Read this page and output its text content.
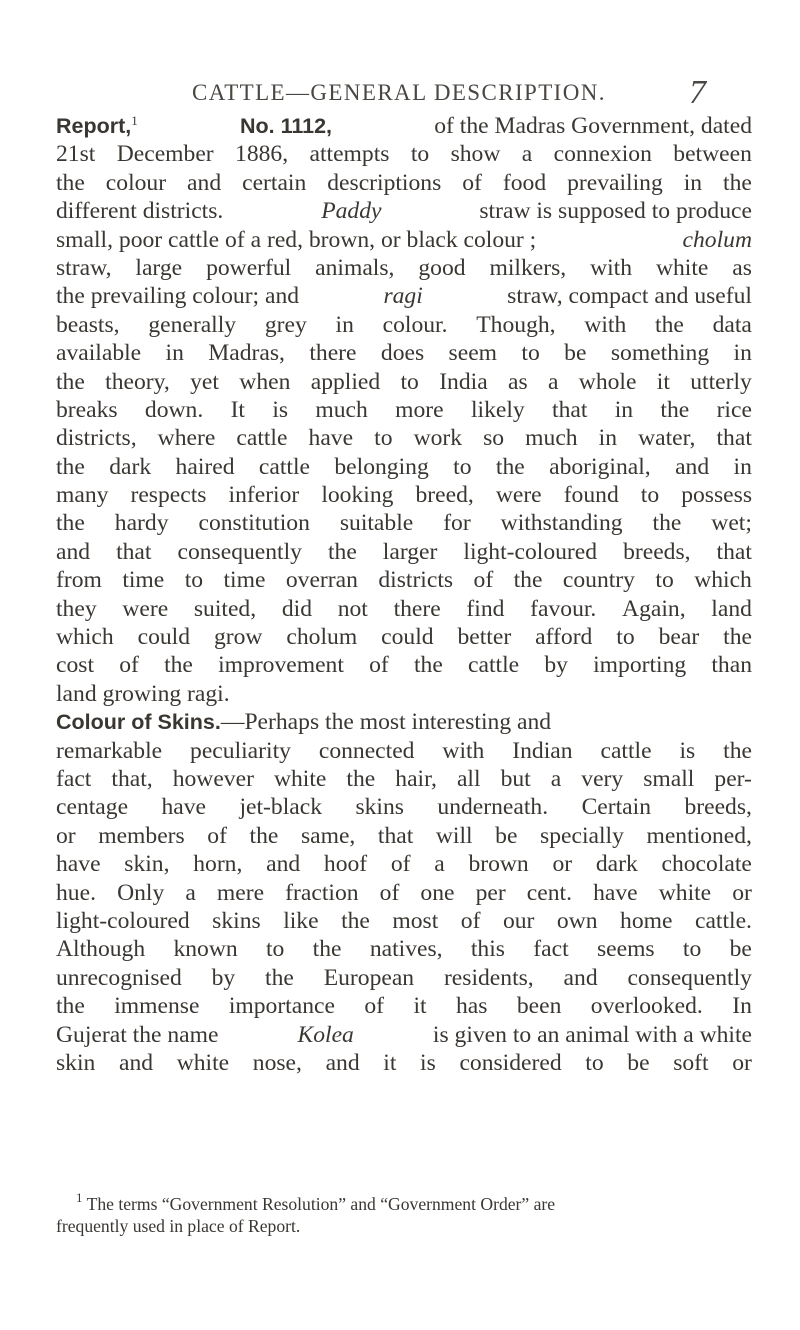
CATTLE—GENERAL DESCRIPTION. 7
Report,$^1$	No. 1112,	of the Madras Government, dated
21st December 1886, attempts to show a connexion between
the colour and certain descriptions of food prevailing in the
different districts.	Paddy	straw is supposed to produce
small, poor cattle of a red, brown, or black colour ;	cholum
straw, large powerful animals, good milkers, with white as
the prevailing colour; and	ragi	straw, compact and useful
beasts, generally grey in colour. Though, with the data
available in Madras, there does seem to be something in
the theory, yet when applied to India as a whole it utterly
breaks down. It is much more likely that in the rice
districts, where cattle have to work so much in water, that
the dark haired cattle belonging to the aboriginal, and in
many respects inferior looking breed, were found to possess
the hardy constitution suitable for withstanding the wet;
and that consequently the larger light-coloured breeds, that
from time to time overran districts of the country to which
they were suited, did not there find favour. Again, land
which could grow cholum could better afford to bear the
cost of the improvement of the cattle by importing than
land growing ragi.
Colour of Skins.—Perhaps the most interesting and
remarkable peculiarity connected with Indian cattle is the
fact that, however white the hair, all but a very small per-
centage have jet-black skins underneath. Certain breeds,
or members of the same, that will be specially mentioned,
have skin, horn, and hoof of a brown or dark chocolate
hue. Only a mere fraction of one per cent. have white or
light-coloured skins like the most of our own home cattle.
Although known to the natives, this fact seems to be
unrecognised by the European residents, and consequently
the immense importance of it has been overlooked. In
Gujerat the name	Kolea	is given to an animal with a white
skin and white nose, and it is considered to be soft or
$^1$ The terms “Government Resolution” and “Government Order” are
frequently used in place of Report.
